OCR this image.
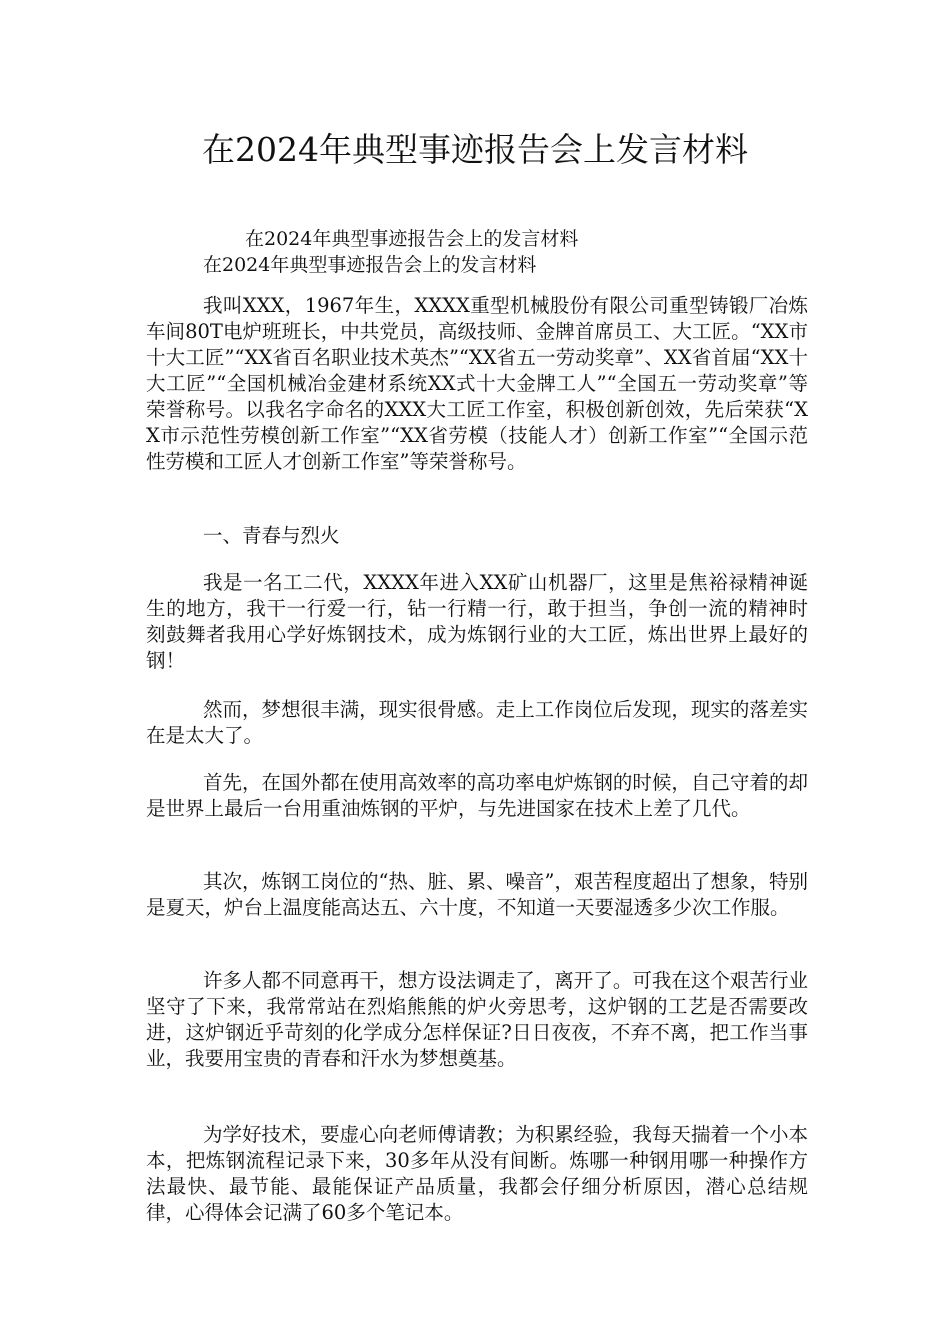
在2024年典型事迹报告会上发言材料
在2024年典型事迹报告会上的发言材料
在2024年典型事迹报告会上的发言材料

我叫XXX，1967年生，XXXX重型机械股份有限公司重型铸锻厂冶炼车间80T电炉班班长，中共党员，高级技师、金牌首席员工、大工匠。“XX市十大工匠”“XX省百名职业技术英杰”“XX省五一劳动奖章”、XX省首届“XX十大工匠”“全国机械冶金建材系统XX式十大金牌工人”“全国五一劳动奖章”等荣誉称号。以我名字命名的XXX大工匠工作室，积极创新创效，先后荣获“XX市示范性劳模创新工作室”“XX省劳模（技能人才）创新工作室”“全国示范性劳模和工匠人才创新工作室”等荣誉称号。

一、青春与烈火

我是一名工二代，XXXX年进入XX矿山机器厂，这里是焦裕禄精神诞生的地方，我干一行爱一行，钻一行精一行，敢于担当，争创一流的精神时刻鼓舞者我用心学好炼钢技术，成为炼钢行业的大工匠，炼出世界上最好的钢！

然而，梦想很丰满，现实很骨感。走上工作岗位后发现，现实的落差实在是太大了。

首先，在国外都在使用高效率的高功率电炉炼钢的时候，自己守着的却是世界上最后一台用重油炼钢的平炉，与先进国家在技术上差了几代。

其次，炼钢工岗位的“热、脏、累、噪音”，艰苦程度超出了想象，特别是夏天，炉台上温度能高达五、六十度，不知道一天要湿透多少次工作服。

许多人都不同意再干，想方设法调走了，离开了。可我在这个艰苦行业坚守了下来，我常常站在烈焰熊熊的炉火旁思考，这炉钢的工艺是否需要改进，这炉钢近乎苛刻的化学成分怎样保证?日日夜夜，不弃不离，把工作当事业，我要用宝贵的青春和汗水为梦想奠基。

为学好技术，要虚心向老师傅请教；为积累经验，我每天揣着一个小本本，把炼钢流程记录下来，30多年从没有间断。炼哪一种钢用哪一种操作方法最快、最节能、最能保证产品质量，我都会仔细分析原因，潜心总结规律，心得体会记满了60多个笔记本。
